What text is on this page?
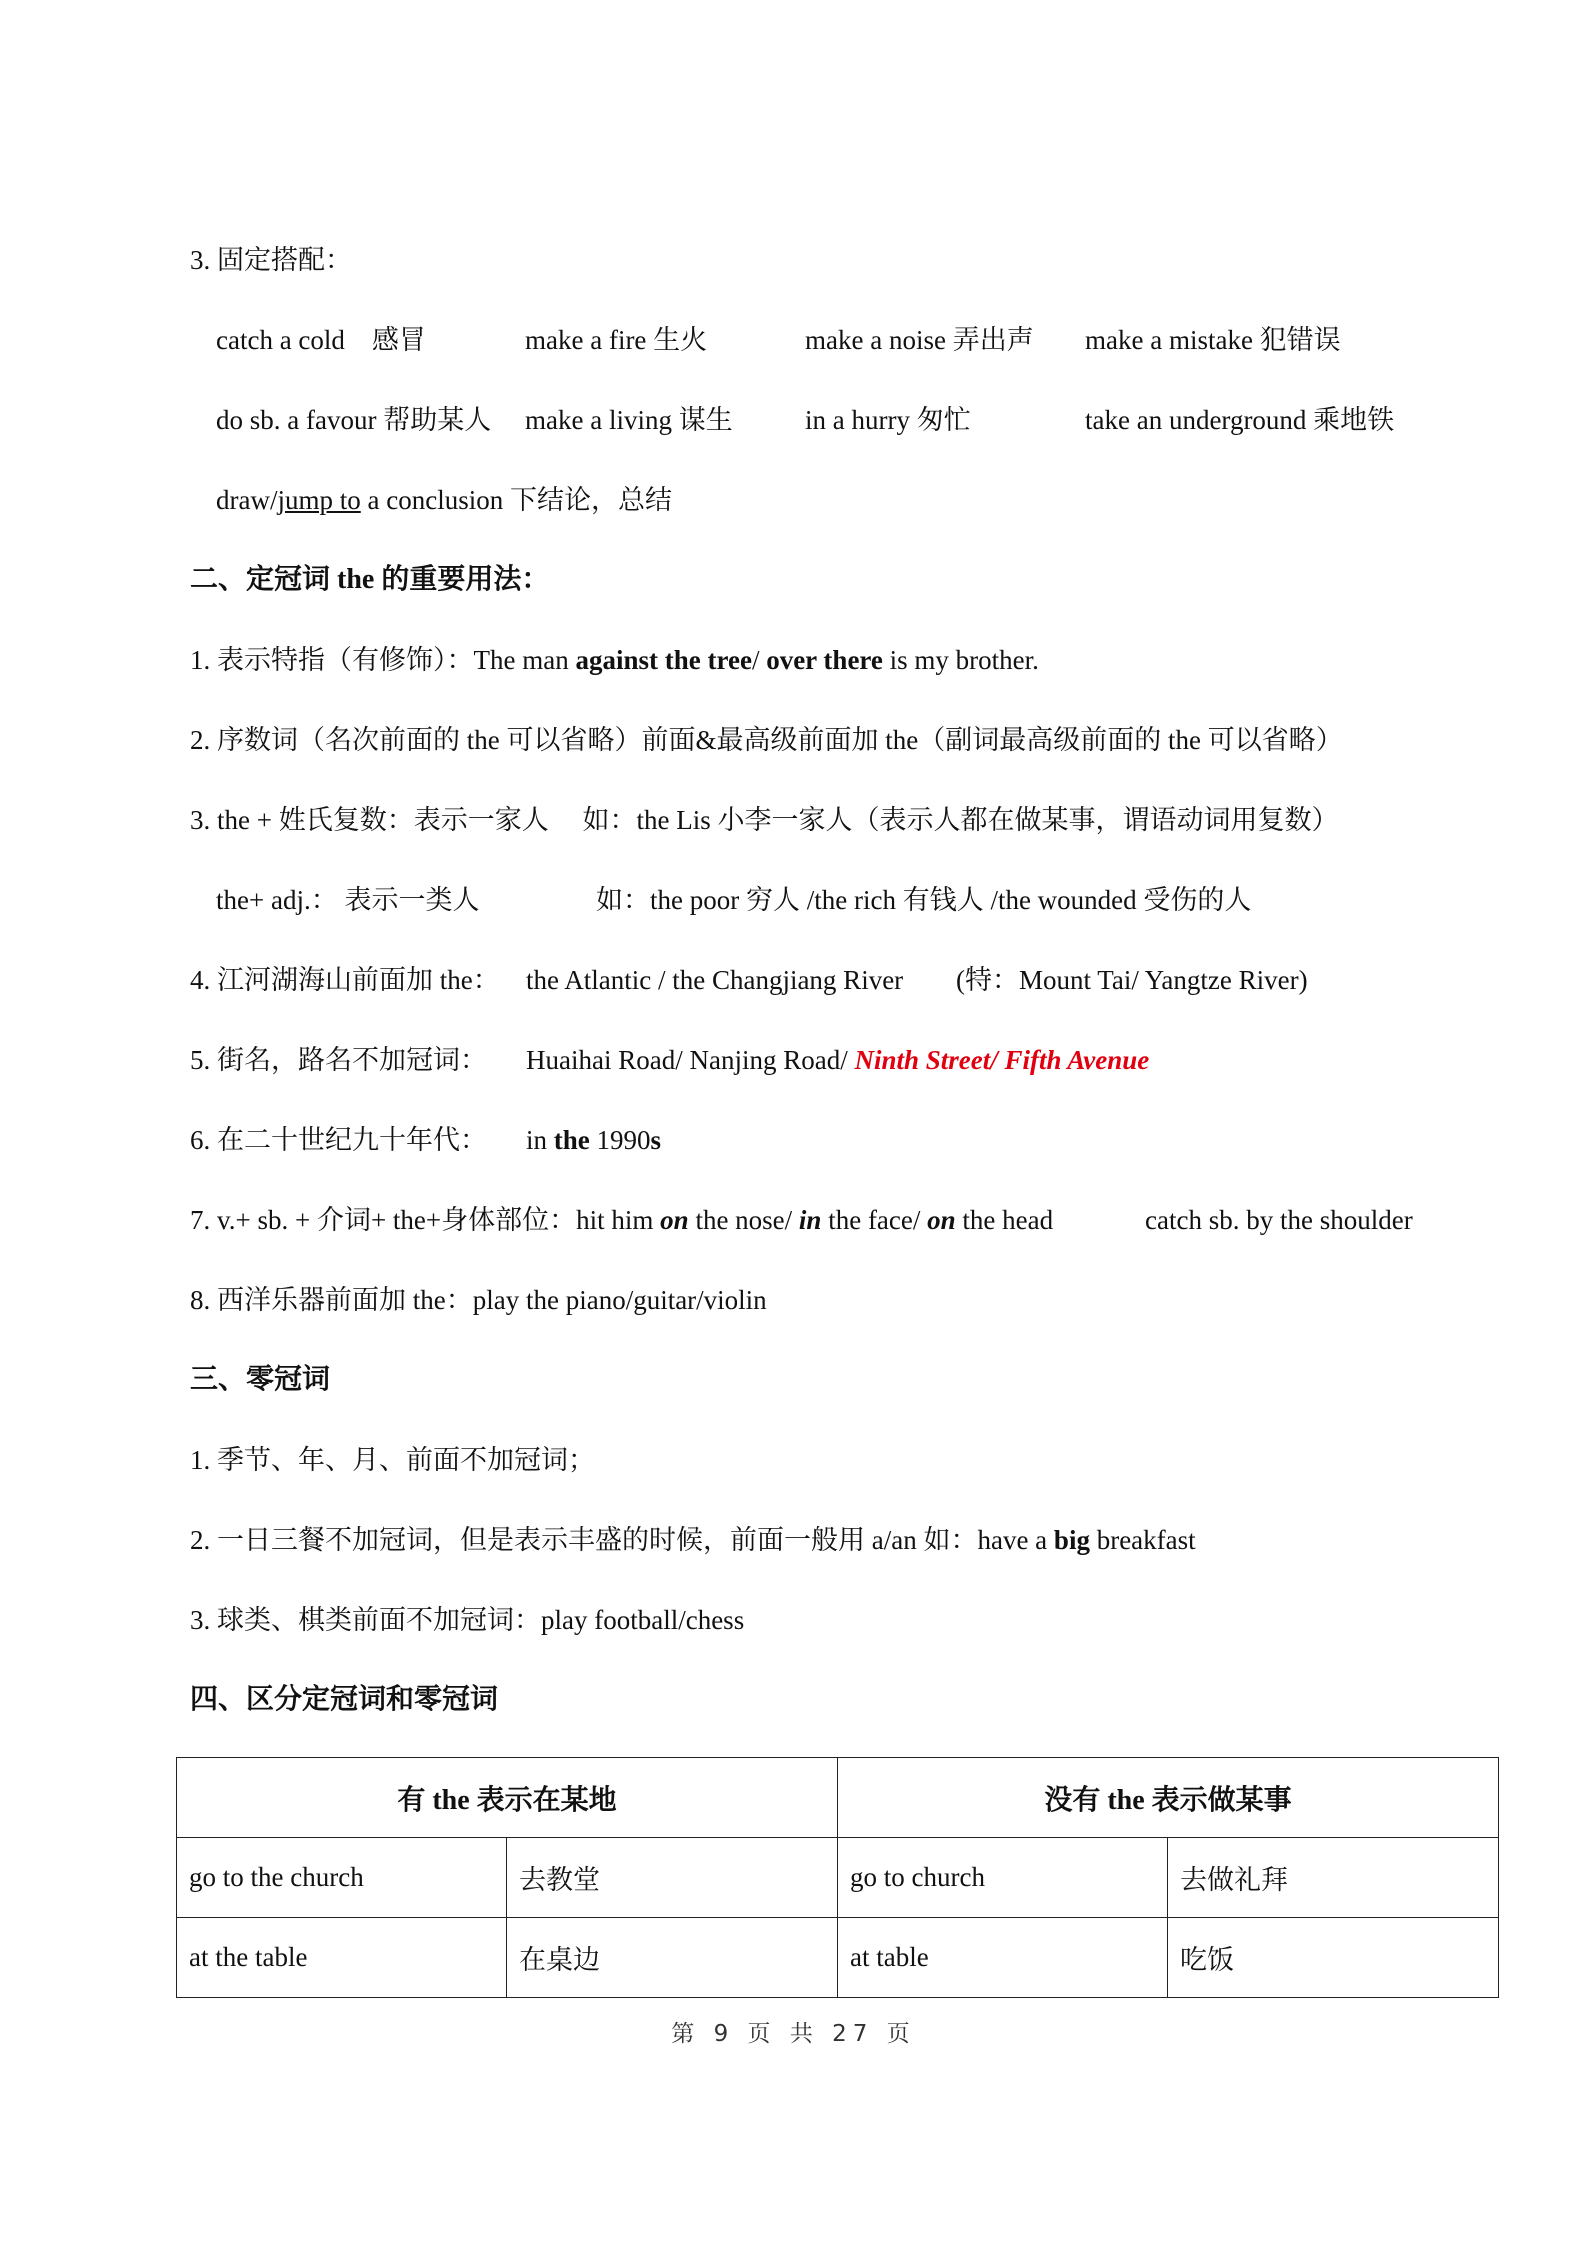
3. 固定搭配：
catch a cold　感冒	make a fire 生火	make a noise 弄出声 make a mistake 犯错误
do sb. a favour 帮助某人 make a living 谋生	in a hurry 匆忙	take an underground 乘地铁
draw/jump to a conclusion 下结论，总结
二、定冠词 the 的重要用法：
1. 表示特指（有修饰）：The man against the tree/ over there is my brother.
2. 序数词（名次前面的 the 可以省略）前面&最高级前面加 the（副词最高级前面的 the 可以省略）
3. the + 姓氏复数：表示一家人　 如：the Lis 小李一家人（表示人都在做某事，谓语动词用复数）
the+ adj.： 表示一类人	如：the poor 穷人 /the rich 有钱人 /the wounded 受伤的人
4. 江河湖海山前面加 the： the Atlantic / the Changjiang River (特：Mount Tai/ Yangtze River)
5. 街名，路名不加冠词： Huaihai Road/ Nanjing Road/ Ninth Street/ Fifth Avenue
6. 在二十世纪九十年代： in the 1990s
7. v.+ sb. + 介词+ the+身体部位：hit him on the nose/ in the face/ on the head	catch sb. by the shoulder
8. 西洋乐器前面加 the：play the piano/guitar/violin
三、零冠词
1. 季节、年、月、前面不加冠词；
2. 一日三餐不加冠词，但是表示丰盛的时候，前面一般用 a/an 如：have a big breakfast
3. 球类、棋类前面不加冠词：play football/chess
四、区分定冠词和零冠词
有 the 表示在某地		没有 the 表示做某事	
go to the church	去教堂	go to church	去做礼拜
at the table	在桌边	at table	吃饭
第 9 页 共 27 页
